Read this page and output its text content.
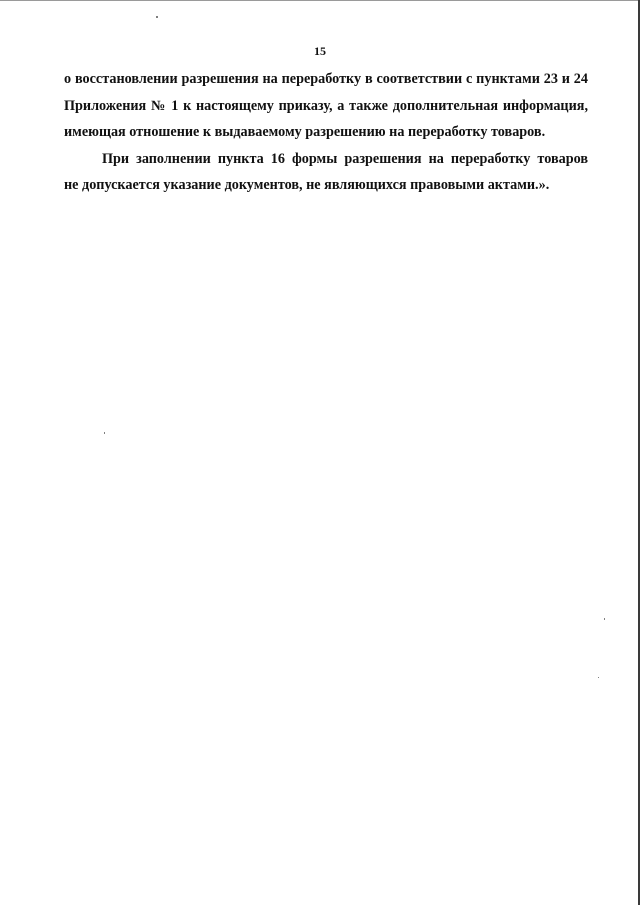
15
о восстановлении разрешения на переработку в соответствии с пунктами 23 и 24
Приложения № 1 к настоящему приказу, а также дополнительная информация,
имеющая отношение к выдаваемому разрешению на переработку товаров.
При заполнении пункта 16 формы разрешения на переработку товаров
не допускается указание документов, не являющихся правовыми актами.».
